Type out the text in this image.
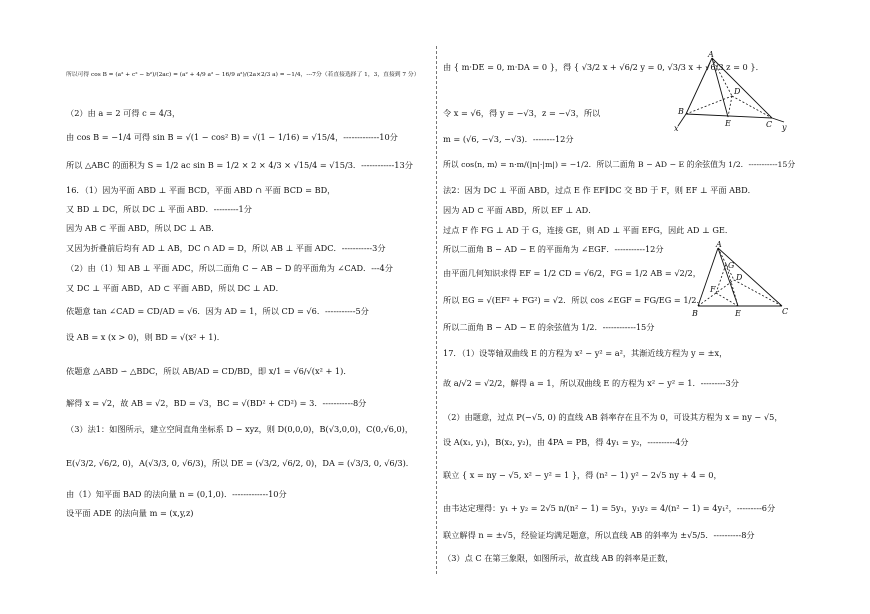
所以可得 cos B = (a² + c² − b²)/(2ac) = (a² + 4/9 a² − 16/9 a²)/(2a×2/3 a) = −1/4，---7分（若直接选择了 1，3，直接到 7 分）
（2）由 a = 2 可得 c = 4/3，
由 cos B = −1/4 可得 sin B = √(1 − cos² B) = √(1 − 1/16) = √15/4，-------------10分
所以 △ABC 的面积为 S = 1/2 ac sin B = 1/2 × 2 × 4/3 × √15/4 = √15/3．------------13分
16．（1）因为平面 ABD ⊥ 平面 BCD，平面 ABD ∩ 平面 BCD = BD，
又 BD ⊥ DC，所以 DC ⊥ 平面 ABD．---------1分
因为 AB ⊂ 平面 ABD，所以 DC ⊥ AB．
又因为折叠前后均有 AD ⊥ AB，DC ∩ AD = D，所以 AB ⊥ 平面 ADC．-----------3分
（2）由（1）知 AB ⊥ 平面 ADC，所以二面角 C − AB − D 的平面角为 ∠CAD．---4分
又 DC ⊥ 平面 ABD，AD ⊂ 平面 ABD，所以 DC ⊥ AD．
依题意 tan ∠CAD = CD/AD = √6．因为 AD = 1，所以 CD = √6．-----------5分
设 AB = x (x > 0)，则 BD = √(x² + 1)．
依题意 △ABD ∽ △BDC，所以 AB/AD = CD/BD，即 x/1 = √6/√(x² + 1)．
解得 x = √2，故 AB = √2，BD = √3，BC = √(BD² + CD²) = 3．-----------8分
（3）法1：如图所示，建立空间直角坐标系 D − xyz，则 D(0,0,0)，B(√3,0,0)，C(0,√6,0)，
E(√3/2, √6/2, 0)，A(√3/3, 0, √6/3)，所以 DE = (√3/2, √6/2, 0)，DA = (√3/3, 0, √6/3)．
由（1）知平面 BAD 的法向量 n = (0,1,0)．-------------10分
设平面 ADE 的法向量 m = (x,y,z)
由 { m·DE = 0, m·DA = 0 }，得 { √3/2 x + √6/2 y = 0, √3/3 x + √6/3 z = 0 }．
令 x = √6，得 y = −√3，z = −√3，所以
m = (√6, −√3, −√3)．--------12分
所以 cos⟨n, m⟩ = n·m/(|n|·|m|) = −1/2．所以二面角 B − AD − E 的余弦值为 1/2．-----------15分
法2：因为 DC ⊥ 平面 ABD，过点 E 作 EF∥DC 交 BD 于 F，则 EF ⊥ 平面 ABD．
因为 AD ⊂ 平面 ABD，所以 EF ⊥ AD．
过点 F 作 FG ⊥ AD 于 G，连接 GE，则 AD ⊥ 平面 EFG，因此 AD ⊥ GE．
所以二面角 B − AD − E 的平面角为 ∠EGF．-----------12分
由平面几何知识求得 EF = 1/2 CD = √6/2，FG = 1/2 AB = √2/2，
所以 EG = √(EF² + FG²) = √2．所以 cos ∠EGF = FG/EG = 1/2．
所以二面角 B − AD − E 的余弦值为 1/2．------------15分
17．（1）设等轴双曲线 E 的方程为 x² − y² = a²，其渐近线方程为 y = ±x，
故 a/√2 = √2/2，解得 a = 1，所以双曲线 E 的方程为 x² − y² = 1．---------3分
（2）由题意，过点 P(−√5, 0) 的直线 AB 斜率存在且不为 0，可设其方程为 x = ny − √5，
设 A(x₁, y₁)，B(x₂, y₂)，由 4PA = PB，得 4y₁ = y₂，----------4分
联立 { x = ny − √5, x² − y² = 1 }，得 (n² − 1) y² − 2√5 ny + 4 = 0，
由韦达定理得：y₁ + y₂ = 2√5 n/(n² − 1) = 5y₁，y₁y₂ = 4/(n² − 1) = 4y₁²，---------6分
联立解得 n = ±√5，经验证均满足题意，所以直线 AB 的斜率为 ±√5/5．----------8分
（3）点 C 在第三象限，如图所示，故直线 AB 的斜率是正数，
A
D
B
E	C
x	y
A
G
D
F
B	E	C
